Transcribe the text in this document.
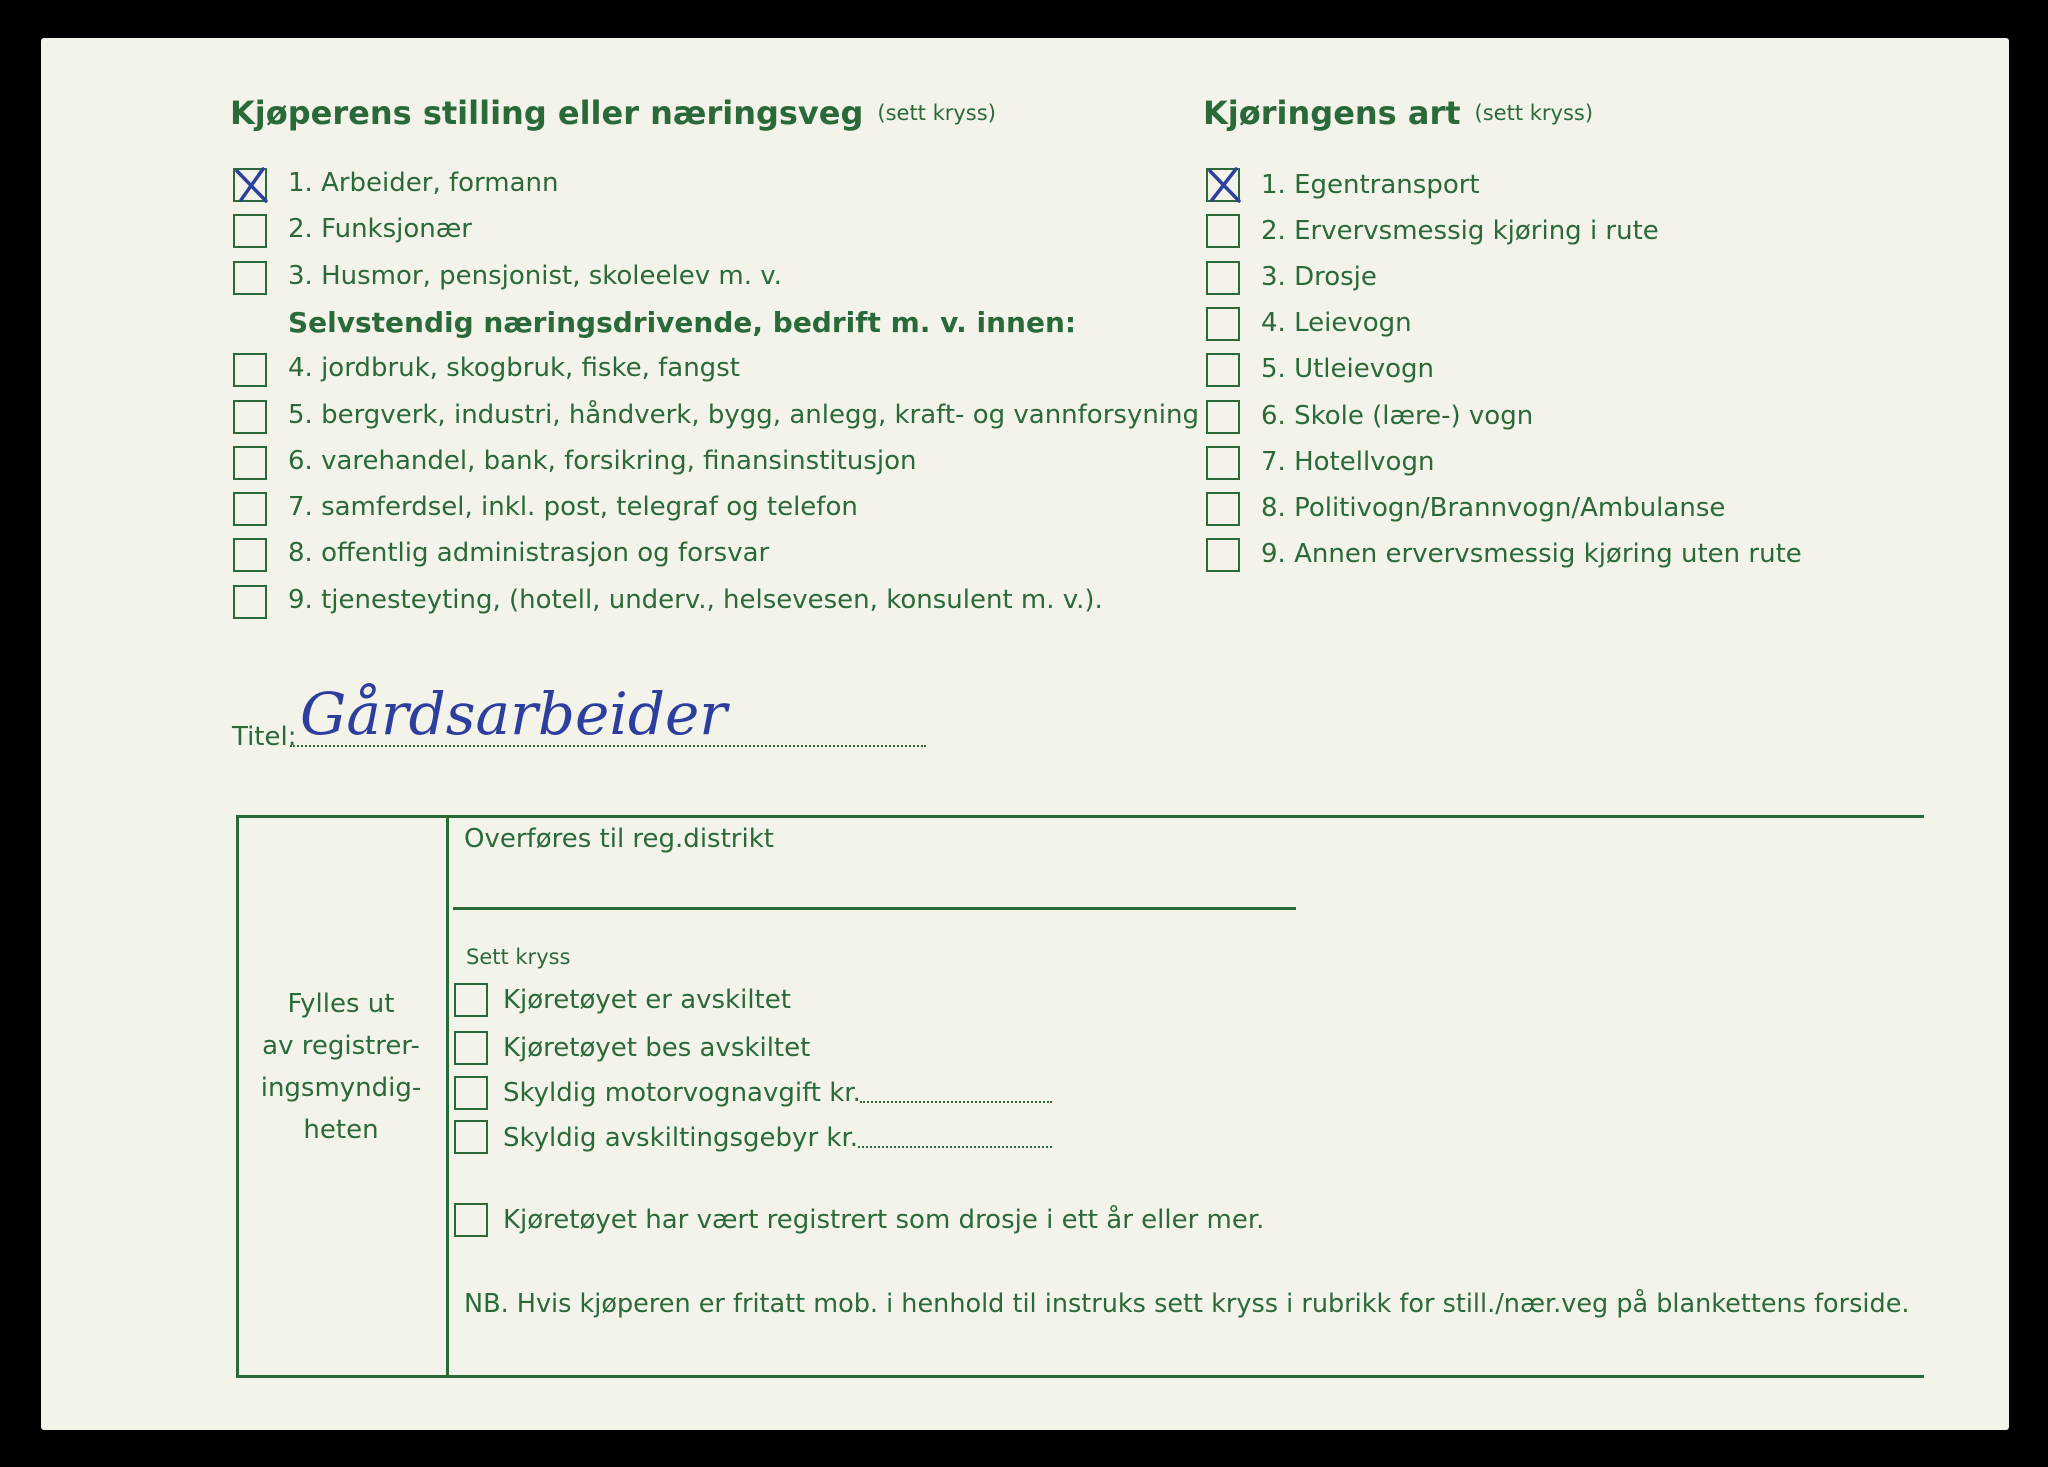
Kjøperens stilling eller næringsveg (sett kryss)
1. Arbeider, formann
2. Funksjonær
3. Husmor, pensjonist, skoleelev m. v.
Selvstendig næringsdrivende, bedrift m. v. innen:
4. jordbruk, skogbruk, fiske, fangst
5. bergverk, industri, håndverk, bygg, anlegg, kraft- og vannforsyning
6. varehandel, bank, forsikring, finansinstitusjon
7. samferdsel, inkl. post, telegraf og telefon
8. offentlig administrasjon og forsvar
9. tjenesteyting, (hotell, underv., helsevesen, konsulent m. v.).
Titel: Gårdsarbeider
Kjøringens art (sett kryss)
1. Egentransport
2. Ervervsmessig kjøring i rute
3. Drosje
4. Leievogn
5. Utleievogn
6. Skole (lære-) vogn
7. Hotellvogn
8. Politivogn/Brannvogn/Ambulanse
9. Annen ervervsmessig kjøring uten rute
Fylles ut
av registrer-
ingsmyndig-
heten
Overføres til reg.distrikt
Sett kryss
Kjøretøyet er avskiltet
Kjøretøyet bes avskiltet
Skyldig motorvognavgift kr.
Skyldig avskiltingsgebyr kr.
Kjøretøyet har vært registrert som drosje i ett år eller mer.
NB. Hvis kjøperen er fritatt mob. i henhold til instruks sett kryss i rubrikk for still./nær.veg på blankettens forside.
